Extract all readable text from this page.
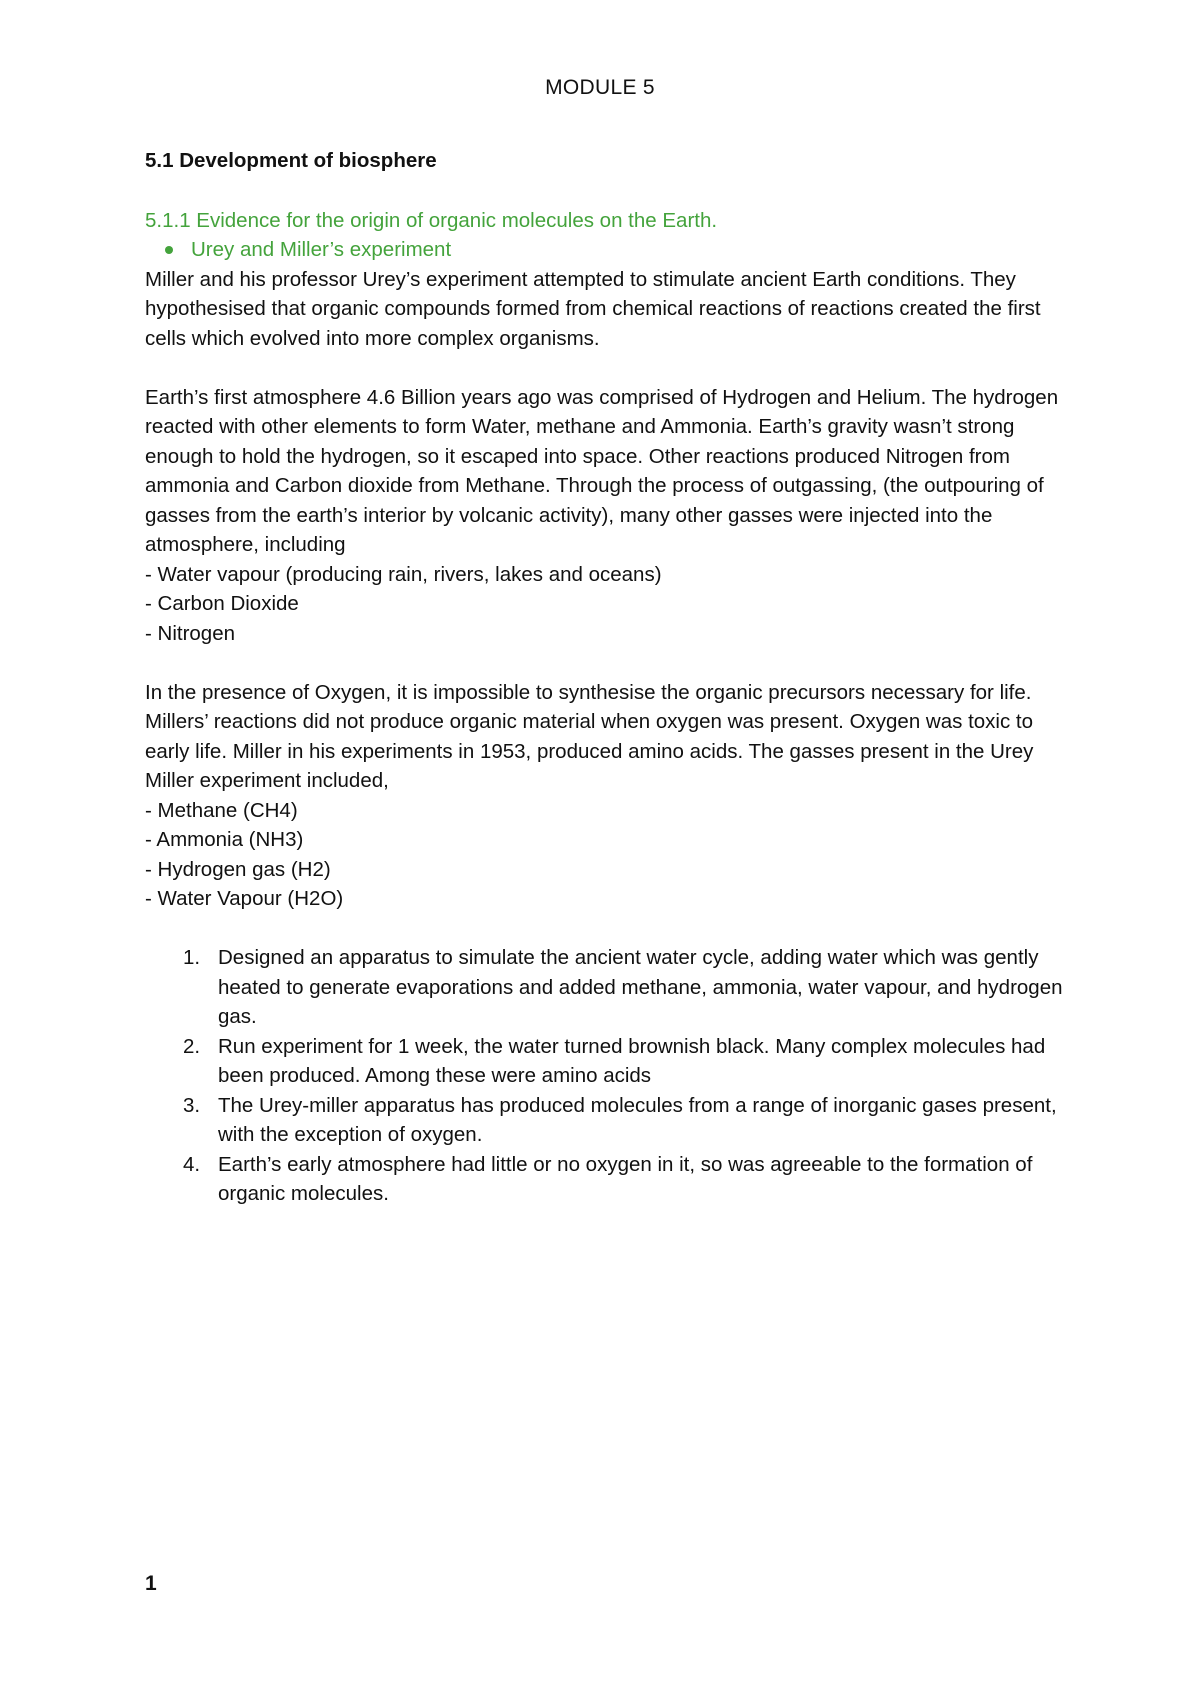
MODULE 5

5.1 Development of biosphere

5.1.1 Evidence for the origin of organic molecules on the Earth.

Urey and Miller’s experiment

Miller and his professor Urey’s experiment attempted to stimulate ancient Earth conditions. They hypothesised that organic compounds formed from chemical reactions of reactions created the first cells which evolved into more complex organisms.

Earth’s first atmosphere 4.6 Billion years ago was comprised of Hydrogen and Helium. The hydrogen reacted with other elements to form Water, methane and Ammonia. Earth’s gravity wasn’t strong enough to hold the hydrogen, so it escaped into space. Other reactions produced Nitrogen from ammonia and Carbon dioxide from Methane. Through the process of outgassing, (the outpouring of gasses from the earth’s interior by volcanic activity), many other gasses were injected into the atmosphere, including

- Water vapour (producing rain, rivers, lakes and oceans)

- Carbon Dioxide

- Nitrogen

In the presence of Oxygen, it is impossible to synthesise the organic precursors necessary for life. Millers’ reactions did not produce organic material when oxygen was present. Oxygen was toxic to early life. Miller in his experiments in 1953, produced amino acids. The gasses present in the Urey Miller experiment included,

- Methane (CH4)

- Ammonia (NH3)

- Hydrogen gas (H2)

- Water Vapour (H2O)

1. Designed an apparatus to simulate the ancient water cycle, adding water which was gently heated to generate evaporations and added methane, ammonia, water vapour, and hydrogen gas.
2. Run experiment for 1 week, the water turned brownish black. Many complex molecules had been produced. Among these were amino acids
3. The Urey-miller apparatus has produced molecules from a range of inorganic gases present, with the exception of oxygen.
4. Earth’s early atmosphere had little or no oxygen in it, so was agreeable to the formation of organic molecules.
1
